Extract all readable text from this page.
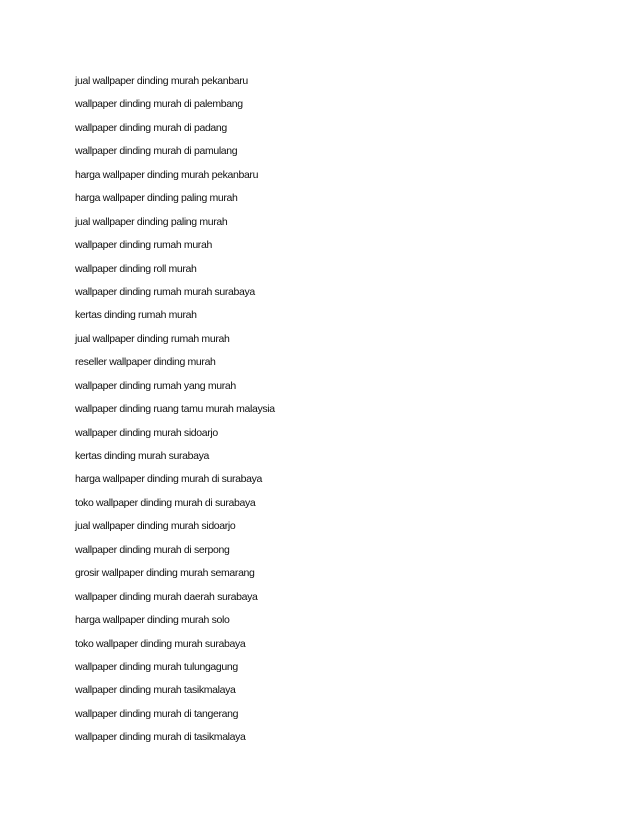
jual wallpaper dinding murah pekanbaru
wallpaper dinding murah di palembang
wallpaper dinding murah di padang
wallpaper dinding murah di pamulang
harga wallpaper dinding murah pekanbaru
harga wallpaper dinding paling murah
jual wallpaper dinding paling murah
wallpaper dinding rumah murah
wallpaper dinding roll murah
wallpaper dinding rumah murah surabaya
kertas dinding rumah murah
jual wallpaper dinding rumah murah
reseller wallpaper dinding murah
wallpaper dinding rumah yang murah
wallpaper dinding ruang tamu murah malaysia
wallpaper dinding murah sidoarjo
kertas dinding murah surabaya
harga wallpaper dinding murah di surabaya
toko wallpaper dinding murah di surabaya
jual wallpaper dinding murah sidoarjo
wallpaper dinding murah di serpong
grosir wallpaper dinding murah semarang
wallpaper dinding murah daerah surabaya
harga wallpaper dinding murah solo
toko wallpaper dinding murah surabaya
wallpaper dinding murah tulungagung
wallpaper dinding murah tasikmalaya
wallpaper dinding murah di tangerang
wallpaper dinding murah di tasikmalaya
